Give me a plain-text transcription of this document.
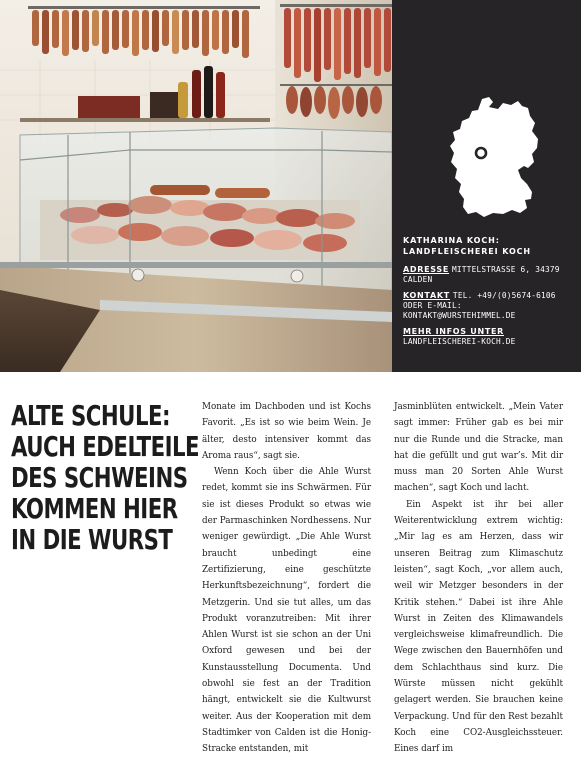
KATHARINA KOCH:
LANDFLEISCHEREI KOCH
ADRESSE MITTELSTRASSE 6, 34379 CALDEN
KONTAKT TEL. +49/(0)5674-6106 ODER E-MAIL: KONTAKT@WURSTEHIMMEL.DE
MEHR INFOS UNTER
LANDFLEISCHEREI-KOCH.DE
ALTE SCHULE:
AUCH EDELTEILE
DES SCHWEINS
KOMMEN HIER
IN DIE WURST

Monate im Dachboden und ist Kochs Favorit. „Es ist so wie beim Wein. Je älter, desto intensiver kommt das Aroma raus“, sagt sie.

Wenn Koch über die Ahle Wurst redet, kommt sie ins Schwärmen. Für sie ist dieses Produkt so etwas wie der Parmaschinken Nordhessens. Nur weniger gewürdigt. „Die Ahle Wurst braucht unbedingt eine Zertifizierung, eine geschützte Herkunftsbezeichnung“, fordert die Metzgerin. Und sie tut alles, um das Produkt voranzutreiben: Mit ihrer Ahlen Wurst ist sie schon an der Uni Oxford gewesen und bei der Kunstausstellung Documenta. Und obwohl sie fest an der Tradition hängt, entwickelt sie die Kultwurst weiter. Aus der Kooperation mit dem Stadtimker von Calden ist die Honig-Stracke entstanden, mit

Jasminblüten entwickelt. „Mein Vater sagt immer: Früher gab es bei mir nur die Runde und die Stracke, man hat die gefüllt und gut war’s. Mit dir muss man 20 Sorten Ahle Wurst machen“, sagt Koch und lacht.

Ein Aspekt ist ihr bei aller Weiterentwicklung extrem wichtig: „Mir lag es am Herzen, dass wir unseren Beitrag zum Klimaschutz leisten“, sagt Koch, „vor allem auch, weil wir Metzger besonders in der Kritik stehen.“ Dabei ist ihre Ahle Wurst in Zeiten des Klimawandels vergleichsweise klimafreundlich. Die Wege zwischen den Bauernhöfen und dem Schlachthaus sind kurz. Die Würste müssen nicht gekühlt gelagert werden. Sie brauchen keine Verpackung. Und für den Rest bezahlt Koch eine CO2-Ausgleichssteuer. Eines darf im
